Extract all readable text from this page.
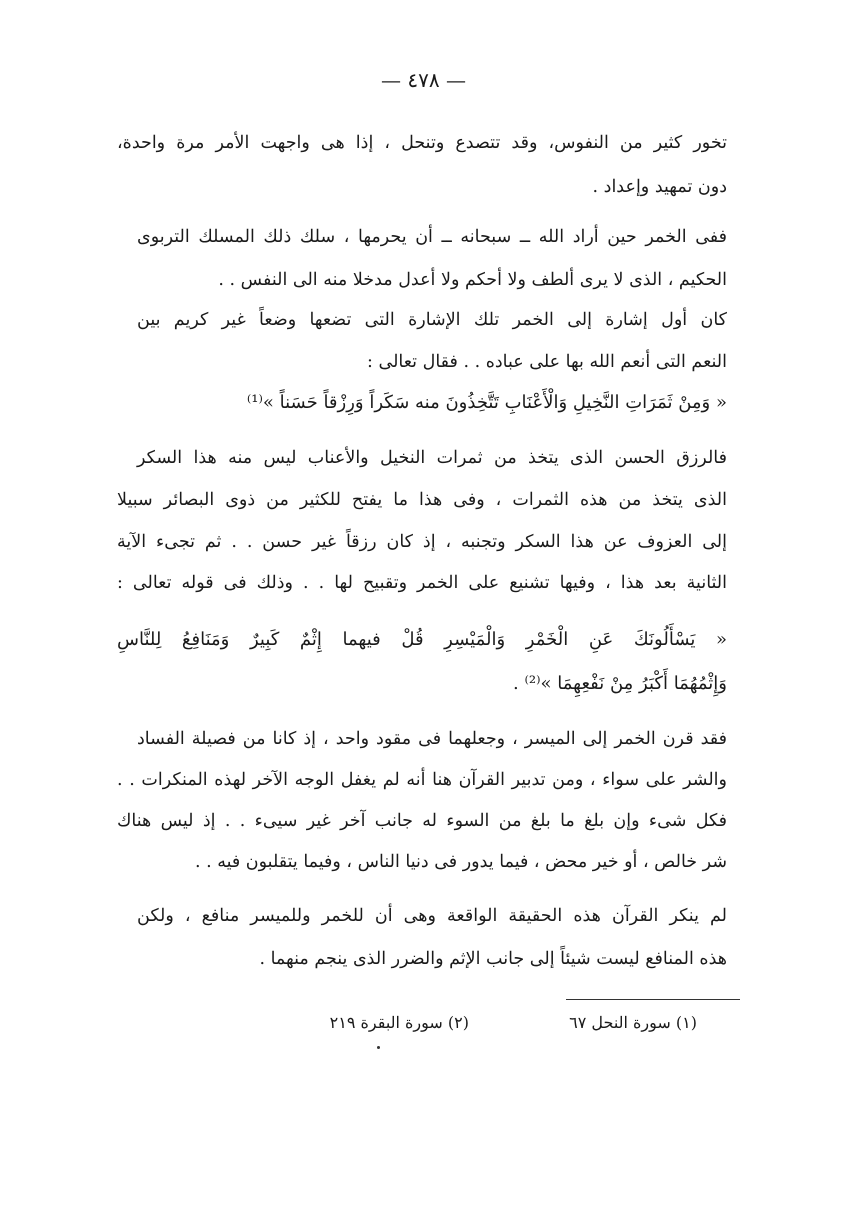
— ٤٧٨ —
تخور كثير من النفوس، وقد تتصدع وتنحل ، إذا هى واجهت الأمر مرة واحدة،
دون تمهيد وإعداد .
ففى الخمر حين أراد الله ــ سبحانه ــ أن يحرمها ، سلك ذلك المسلك التربوى
الحكيم ، الذى لا يرى ألطف ولا أحكم ولا أعدل مدخلا منه الى النفس . .
كان أول إشارة إلى الخمر تلك الإشارة التى تضعها وضعاً غير كريم بين
النعم التى أنعم الله بها على عباده . . فقال تعالى :
« وَمِنْ ثَمَرَاتِ النَّخِيلِ وَالْأَعْنَابِ تَتَّخِذُونَ منه سَكَراً وَرِزْقاً حَسَناً »⁽¹⁾
فالرزق الحسن الذى يتخذ من ثمرات النخيل والأعناب ليس منه هذا السكر
الذى يتخذ من هذه الثمرات ، وفى هذا ما يفتح للكثير من ذوى البصائر سبيلا
إلى العزوف عن هذا السكر وتجنبه ، إذ كان رزقاً غير حسن . . ثم تجىء الآية
الثانية بعد هذا ، وفيها تشنيع على الخمر وتقبيح لها . . وذلك فى قوله تعالى :
« يَسْأَلُونَكَ عَنِ الْخَمْرِ وَالْمَيْسِرِ قُلْ فيهما إِثْمٌ كَبِيرٌ وَمَنَافِعُ لِلنَّاسِ
وَإِثْمُهُمَا أَكْبَرُ مِنْ نَفْعِهِمَا »⁽²⁾ .
فقد قرن الخمر إلى الميسر ، وجعلهما فى مقود واحد ، إذ كانا من فصيلة الفساد
والشر على سواء ، ومن تدبير القرآن هنا أنه لم يغفل الوجه الآخر لهذه المنكرات . .
فكل شىء وإن بلغ ما بلغ من السوء له جانب آخر غير سيىء . . إذ ليس هناك
شر خالص ، أو خير محض ، فيما يدور فى دنيا الناس ، وفيما يتقلبون فيه . .
لم ينكر القرآن هذه الحقيقة الواقعة وهى أن للخمر وللميسر منافع ، ولكن
هذه المنافع ليست شيئاً إلى جانب الإثم والضرر الذى ينجم منهما .
(١) سورة النحل ٦٧
(٢) سورة البقرة ٢١٩
